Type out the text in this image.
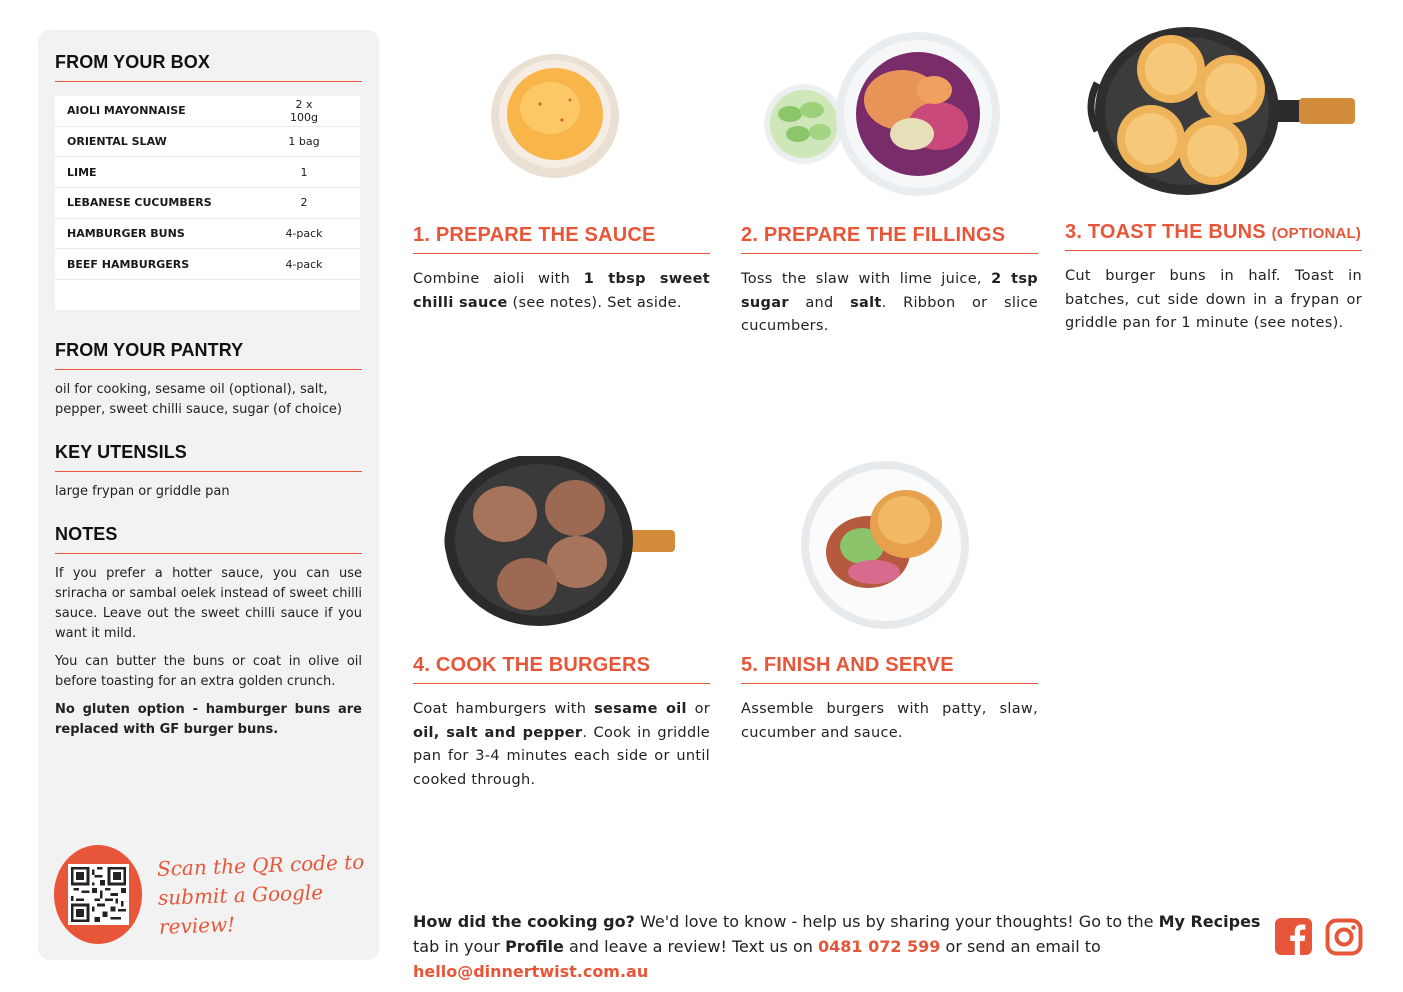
FROM YOUR BOX
AIOLI MAYONNAISE	2 x 100g
ORIENTAL SLAW	1 bag
LIME	1
LEBANESE CUCUMBERS	2
HAMBURGER BUNS	4-pack
BEEF HAMBURGERS	4-pack
FROM YOUR PANTRY

oil for cooking, sesame oil (optional), salt, pepper, sweet chilli sauce, sugar (of choice)

KEY UTENSILS

large frypan or griddle pan

NOTES

If you prefer a hotter sauce, you can use sriracha or sambal oelek instead of sweet chilli sauce. Leave out the sweet chilli sauce if you want it mild.

You can butter the buns or coat in olive oil before toasting for an extra golden crunch.

No gluten option - hamburger buns are replaced with GF burger buns.

Scan the QR code to
submit a Google review!
1. PREPARE THE SAUCE

Combine aioli with 1 tbsp sweet chilli sauce (see notes). Set aside.

2. PREPARE THE FILLINGS

Toss the slaw with lime juice, 2 tsp sugar and salt. Ribbon or slice cucumbers.

3. TOAST THE BUNS (OPTIONAL)

Cut burger buns in half. Toast in batches, cut side down in a frypan or griddle pan for 1 minute (see notes).

4. COOK THE BURGERS

Coat hamburgers with sesame oil or oil, salt and pepper. Cook in griddle pan for 3-4 minutes each side or until cooked through.

5. FINISH AND SERVE

Assemble burgers with patty, slaw, cucumber and sauce.

How did the cooking go? We'd love to know - help us by sharing your thoughts! Go to the My Recipes tab in your Profile and leave a review! Text us on 0481 072 599 or send an email to hello@dinnertwist.com.au
